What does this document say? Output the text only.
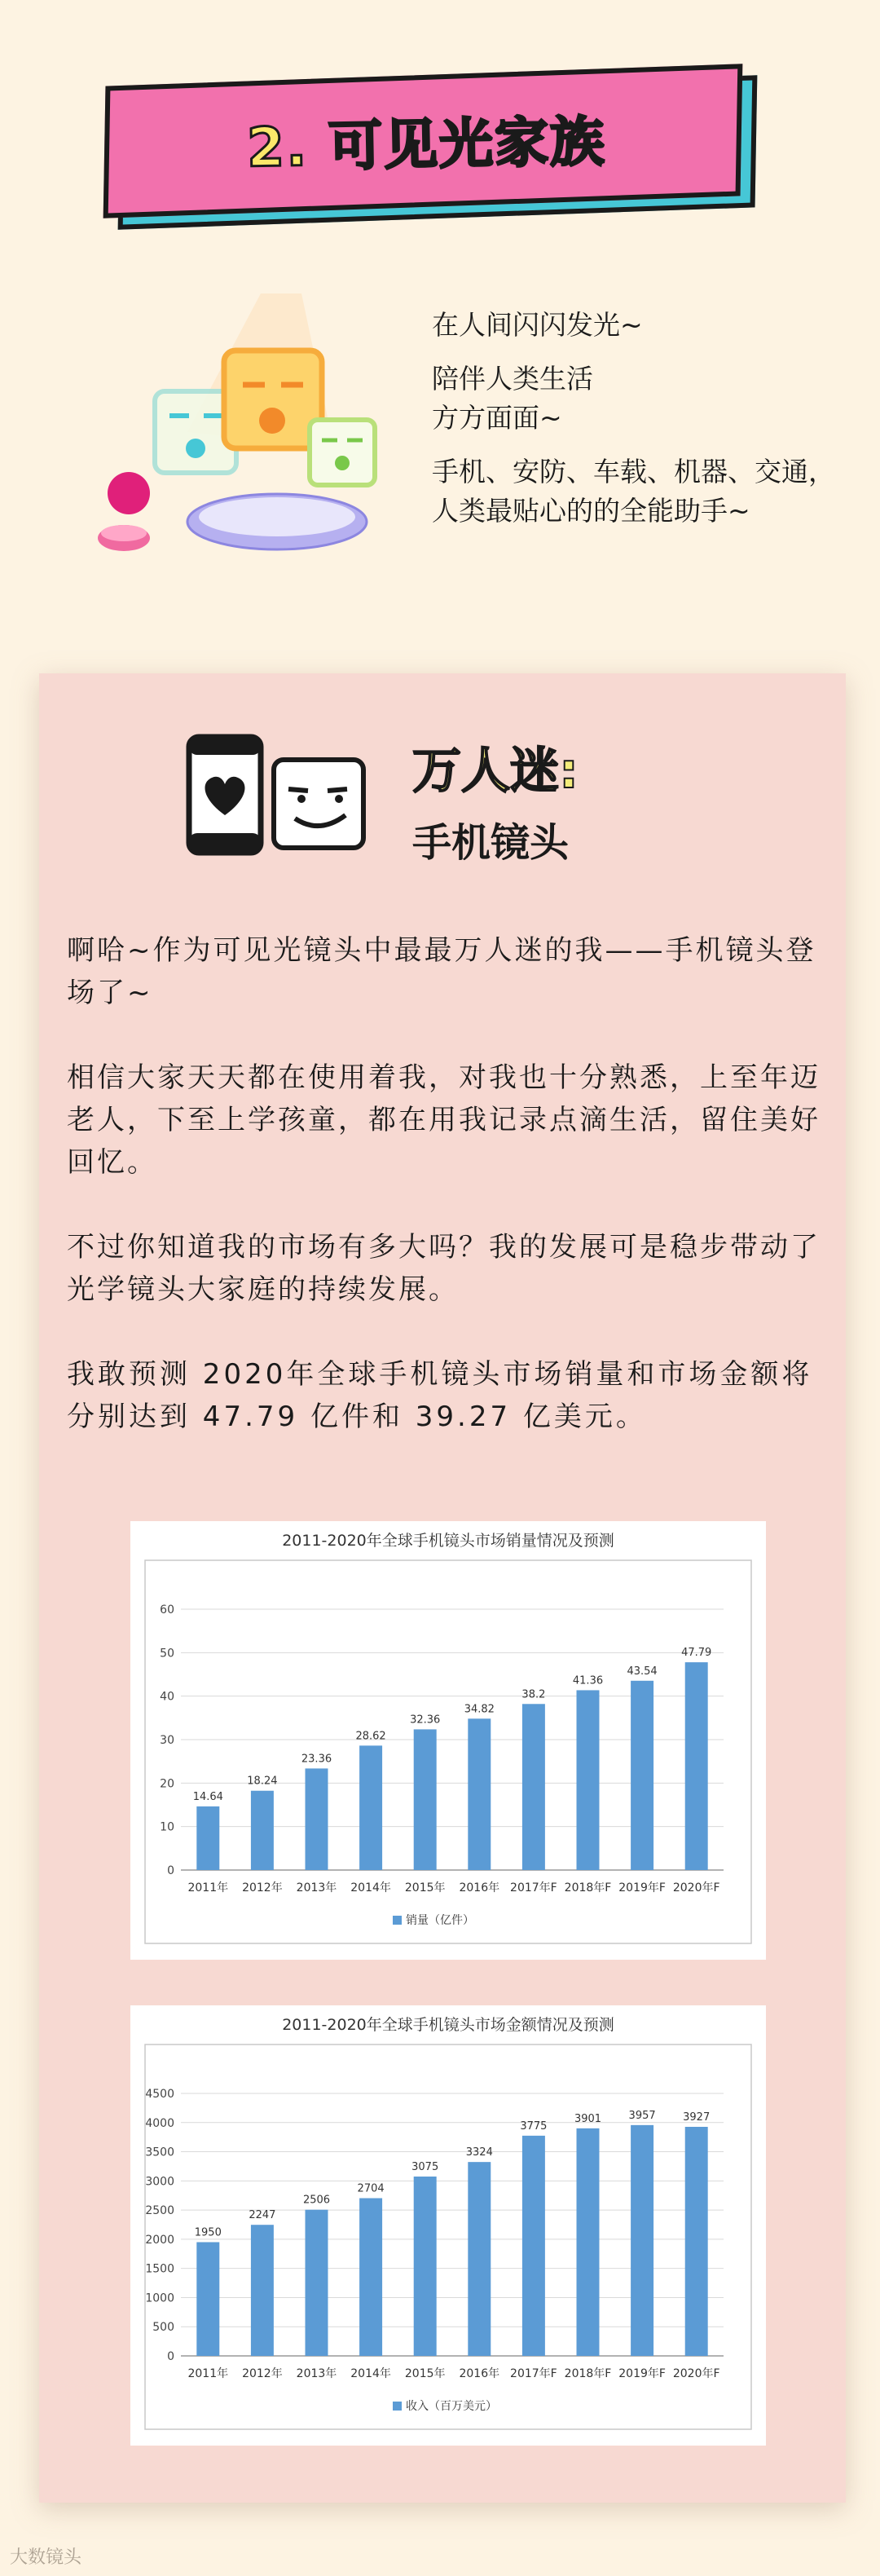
2. 可见光家族

在人间闪闪发光~

陪伴人类生活
方方面面~

手机、安防、车载、机器、交通，人类最贴心的的全能助手~

万人迷:
手机镜头

啊哈~作为可见光镜头中最最万人迷的我——手机镜头登场了~

相信大家天天都在使用着我，对我也十分熟悉，上至年迈老人，下至上学孩童，都在用我记录点滴生活，留住美好回忆。

不过你知道我的市场有多大吗？我的发展可是稳步带动了光学镜头大家庭的持续发展。

我敢预测 2020年全球手机镜头市场销量和市场金额将分别达到 47.79 亿件和 39.27 亿美元。

2011-2020年全球手机镜头市场销量情况及预测
0
10
20
30
40
50
60
14.64
2011年
18.24
2012年
23.36
2013年
28.62
2014年
32.36
2015年
34.82
2016年
38.2
2017年F
41.36
2018年F
43.54
2019年F
47.79
2020年F
销量（亿件）
2011-2020年全球手机镜头市场金额情况及预测
0
500
1000
1500
2000
2500
3000
3500
4000
4500
1950
2011年
2247
2012年
2506
2013年
2704
2014年
3075
2015年
3324
2016年
3775
2017年F
3901
2018年F
3957
2019年F
3927
2020年F
收入（百万美元）
大数镜头
